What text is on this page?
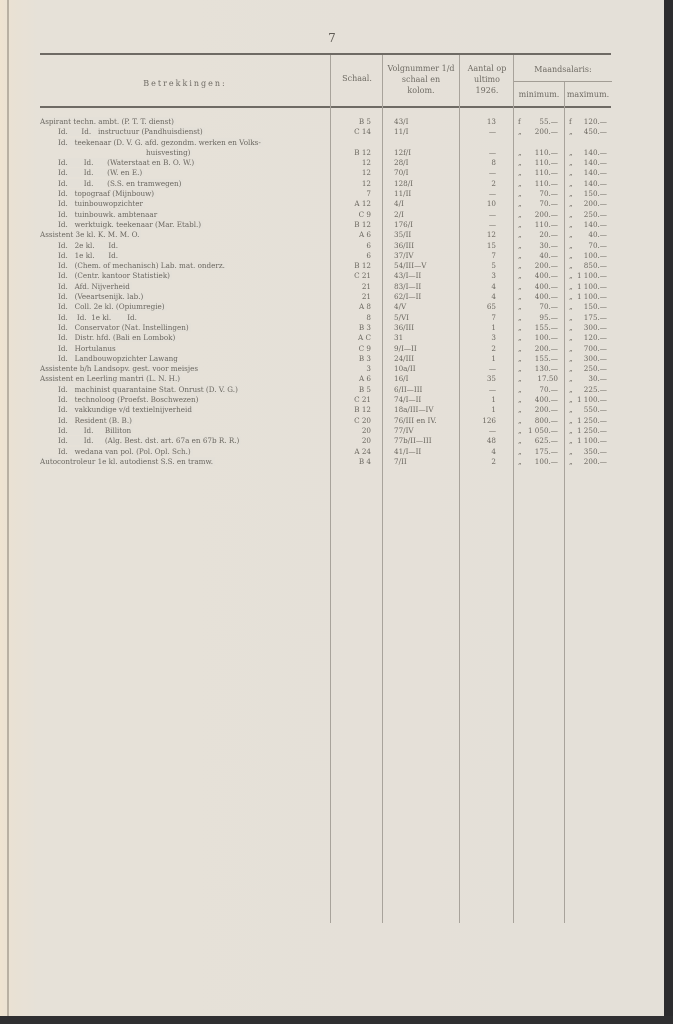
7
Betrekkingen:
Schaal.
Volgnummer 1/d
schaal en
kolom.
Aantal op
ultimo
1926.
Maandsalaris:
minimum. maximum.
Aspirant techn. ambt. (P. T. T. dienst)	B 5	43/I	13	f	55.— f	120.—
Id.      Id.   instructuur (Pandhuisdienst)	C 14	11/I	—	„	200.— „	450.—
Id.   teekenaar (D. V. G. afd. gezondm. werken en Volks-
huisvesting)	B 12	12f/I	—	„	110.— „	140.—
Id.       Id.      (Waterstaat en B. O. W.)	12	28/I	8	„	110.— „	140.—
Id.       Id.      (W. en E.)	12	70/I	—	„	110.— „	140.—
Id.       Id.      (S.S. en tramwegen)	12	128/I	2	„	110.— „	140.—
Id.   topograaf (Mijnbouw)	7	11/II	—	„	70.— „	150.—
Id.   tuinbouwopzichter	A 12	4/I	10	„	70.— „	200.—
Id.   tuinbouwk. ambtenaar	C 9	2/I	—	„	200.— „	250.—
Id.   werktuigk. teekenaar (Mar. Etabl.)	B 12	176/I	—	„	110.— „	140.—
Assistent 3e kl. K. M. M. O.	A 6	35/II	12	„	20.— „	40.—
Id.   2e kl.      Id.	6	36/III	15	„	30.— „	70.—
Id.   1e kl.      Id.	6	37/IV	7	„	40.— „	100.—
Id.   (Chem. of mechanisch) Lab. mat. onderz.	B 12	54/III—V	5	„	200.— „	850.—
Id.   (Centr. kantoor Statistiek)	C 21	43/I—II	3	„	400.— „ 1 100.—
Id.   Afd. Nijverheid	21	83/I—II	4	„	400.— „ 1 100.—
Id.   (Veeartsenijk. lab.)	21	62/I—II	4	„	400.— „ 1 100.—
Id.   Coll. 2e kl. (Opiumregie)	A 8	4/V	65	„	70.— „	150.—
Id.    Id.  1e kl.       Id.	8	5/VI	7	„	95.— „	175.—
Id.   Conservator (Nat. Instellingen)	B 3	36/III	1	„	155.— „	300.—
Id.   Distr. hfd. (Bali en Lombok)	A C	31	3	„	100.— „	120.—
Id.   Hortulanus	C 9	9/I—II	2	„	200.— „	700.—
Id.   Landbouwopzichter Lawang	B 3	24/III	1	„	155.— „	300.—
Assistente b/h Landsopv. gest. voor meisjes	3	10a/II	—	„	130.— „	250.—
Assistent en Leerling mantri (L. N. H.)	A 6	16/I	35	„	17.50 „	30.—
Id.   machinist quarantaine Stat. Onrust (D. V. G.)	B 5	6/II—III	—	„	70.— „	225.—
Id.   technoloog (Proefst. Boschwezen)	C 21	74/I—II	1	„	400.— „ 1 100.—
Id.   vakkundige v/d textielnijverheid	B 12	18a/III—IV	1	„	200.— „	550.—
Id.   Resident (B. B.)	C 20	76/III en IV.	126	„	800.— „ 1 250.—
Id.       Id.     Billiton	20	77/IV	—	„ 1 050.— „ 1 250.—
Id.       Id.     (Alg. Best. dst. art. 67a en 67b R. R.)	20	77b/II—III	48	„	625.— „ 1 100.—
Id.   wedana van pol. (Pol. Opl. Sch.)	A 24	41/I—II	4	„	175.— „	350.—
Autocontroleur 1e kl. autodienst S.S. en tramw.	B 4	7/II	2	„	100.— „	200.—
